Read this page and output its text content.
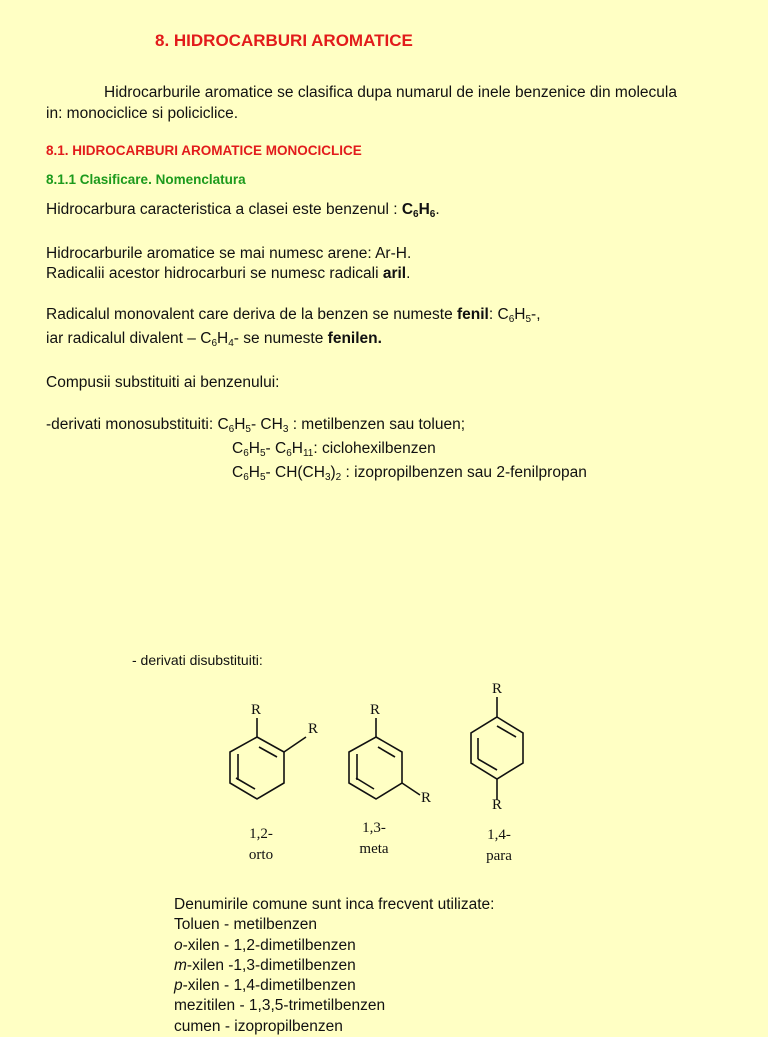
8. HIDROCARBURI AROMATICE
Hidrocarburile aromatice se clasifica dupa numarul de inele benzenice din molecula in: monociclice si policiclice.
8.1. HIDROCARBURI AROMATICE MONOCICLICE
8.1.1 Clasificare. Nomenclatura
Hidrocarbura caracteristica a clasei este benzenul : $C_6H_6$.
Hidrocarburile aromatice se mai numesc arene: Ar-H.
Radicalii acestor hidrocarburi se numesc radicali aril.
Radicalul monovalent care deriva de la benzen se numeste fenil: $C_6H_5-$,
iar radicalul divalent – $C_6H_4-$ se numeste fenilen.
Compusii substituiti ai benzenului:
-derivati monosubstituiti: $C_6H_5-$ $CH_3$ : metilbenzen sau toluen;
$C_6H_5-$ $C_6H_{11}$: ciclohexilbenzen
$C_6H_5-$ $CH(CH_3)_2$ : izopropilbenzen sau 2-fenilpropan
- derivati disubstituiti:
R
R
R
R
R
R
1,2-
orto
1,3-
meta
1,4-
para
Denumirile comune sunt inca frecvent utilizate:
Toluen - metilbenzen
o-xilen - 1,2-dimetilbenzen
m-xilen -1,3-dimetilbenzen
p-xilen - 1,4-dimetilbenzen
mezitilen - 1,3,5-trimetilbenzen
cumen - izopropilbenzen
